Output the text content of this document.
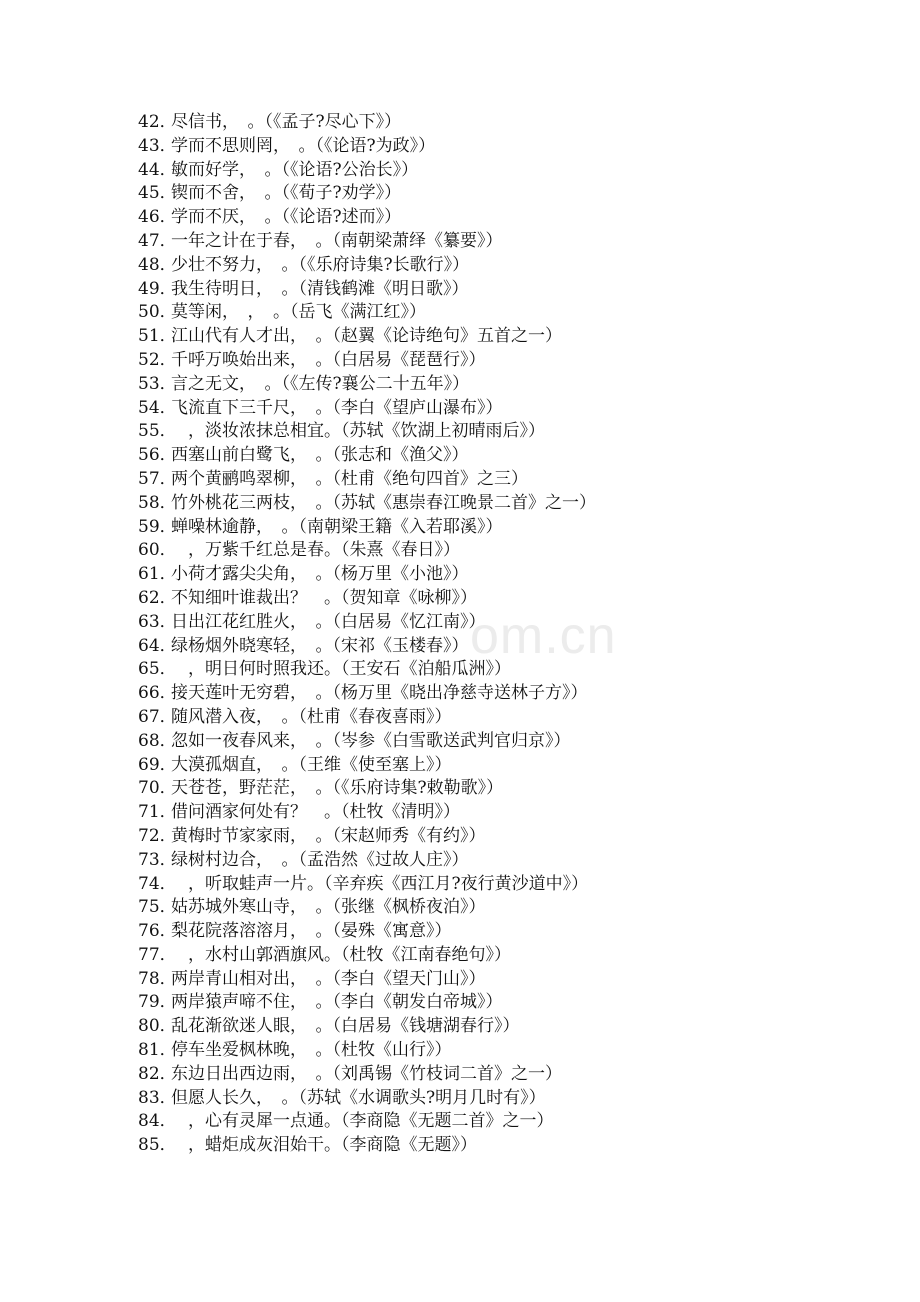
om.cn
42．
尽信书，　。（《孟子?尽心下》）
43．
学而不思则罔，　。（《论语?为政》）
44．
敏而好学，　。（《论语?公治长》）
45．
锲而不舍，　。（《荀子?劝学》）
46．
学而不厌，　。（《论语?述而》）
47．
一年之计在于春，　。（南朝梁萧绎《纂要》）
48．
少壮不努力，　。（《乐府诗集?长歌行》）
49．
我生待明日，　。（清钱鹤滩《明日歌》）
50．
莫等闲，　，　。（岳飞《满江红》）
51．
江山代有人才出，　。（赵翼《论诗绝句》五首之一）
52．
千呼万唤始出来，　。（白居易《琵琶行》）
53．
言之无文，　。（《左传?襄公二十五年》）
54．
飞流直下三千尺，　。（李白《望庐山瀑布》）
55．
　，淡妆浓抹总相宜。（苏轼《饮湖上初晴雨后》）
56．
西塞山前白鹭飞，　。（张志和《渔父》）
57．
两个黄鹂鸣翠柳，　。（杜甫《绝句四首》之三）
58．
竹外桃花三两枝，　。（苏轼《惠崇春江晚景二首》之一）
59．
蝉噪林逾静，　。（南朝梁王籍《入若耶溪》）
60．
　，万紫千红总是春。（朱熹《春日》）
61．
小荷才露尖尖角，　。（杨万里《小池》）
62．
不知细叶谁裁出？　。（贺知章《咏柳》）
63．
日出江花红胜火，　。（白居易《忆江南》）
64．
绿杨烟外晓寒轻，　。（宋祁《玉楼春》）
65．
　，明日何时照我还。（王安石《泊船瓜洲》）
66．
接天莲叶无穷碧，　。（杨万里《晓出净慈寺送林子方》）
67．
随风潜入夜，　。（杜甫《春夜喜雨》）
68．
忽如一夜春风来，　。（岑参《白雪歌送武判官归京》）
69．
大漠孤烟直，　。（王维《使至塞上》）
70．
天苍苍，野茫茫，　。（《乐府诗集?敕勒歌》）
71．
借问酒家何处有？　。（杜牧《清明》）
72．
黄梅时节家家雨，　。（宋赵师秀《有约》）
73．
绿树村边合，　。（孟浩然《过故人庄》）
74．
　，听取蛙声一片。（辛弃疾《西江月?夜行黄沙道中》）
75．
姑苏城外寒山寺，　。（张继《枫桥夜泊》）
76．
梨花院落溶溶月，　。（晏殊《寓意》）
77．
　，水村山郭酒旗风。（杜牧《江南春绝句》）
78．
两岸青山相对出，　。（李白《望天门山》）
79．
两岸猿声啼不住，　。（李白《朝发白帝城》）
80．
乱花渐欲迷人眼，　。（白居易《钱塘湖春行》）
81．
停车坐爱枫林晚，　。（杜牧《山行》）
82．
东边日出西边雨，　。（刘禹锡《竹枝词二首》之一）
83．
但愿人长久，　。（苏轼《水调歌头?明月几时有》）
84．
　，心有灵犀一点通。（李商隐《无题二首》之一）
85．
　，蜡炬成灰泪始干。（李商隐《无题》）
